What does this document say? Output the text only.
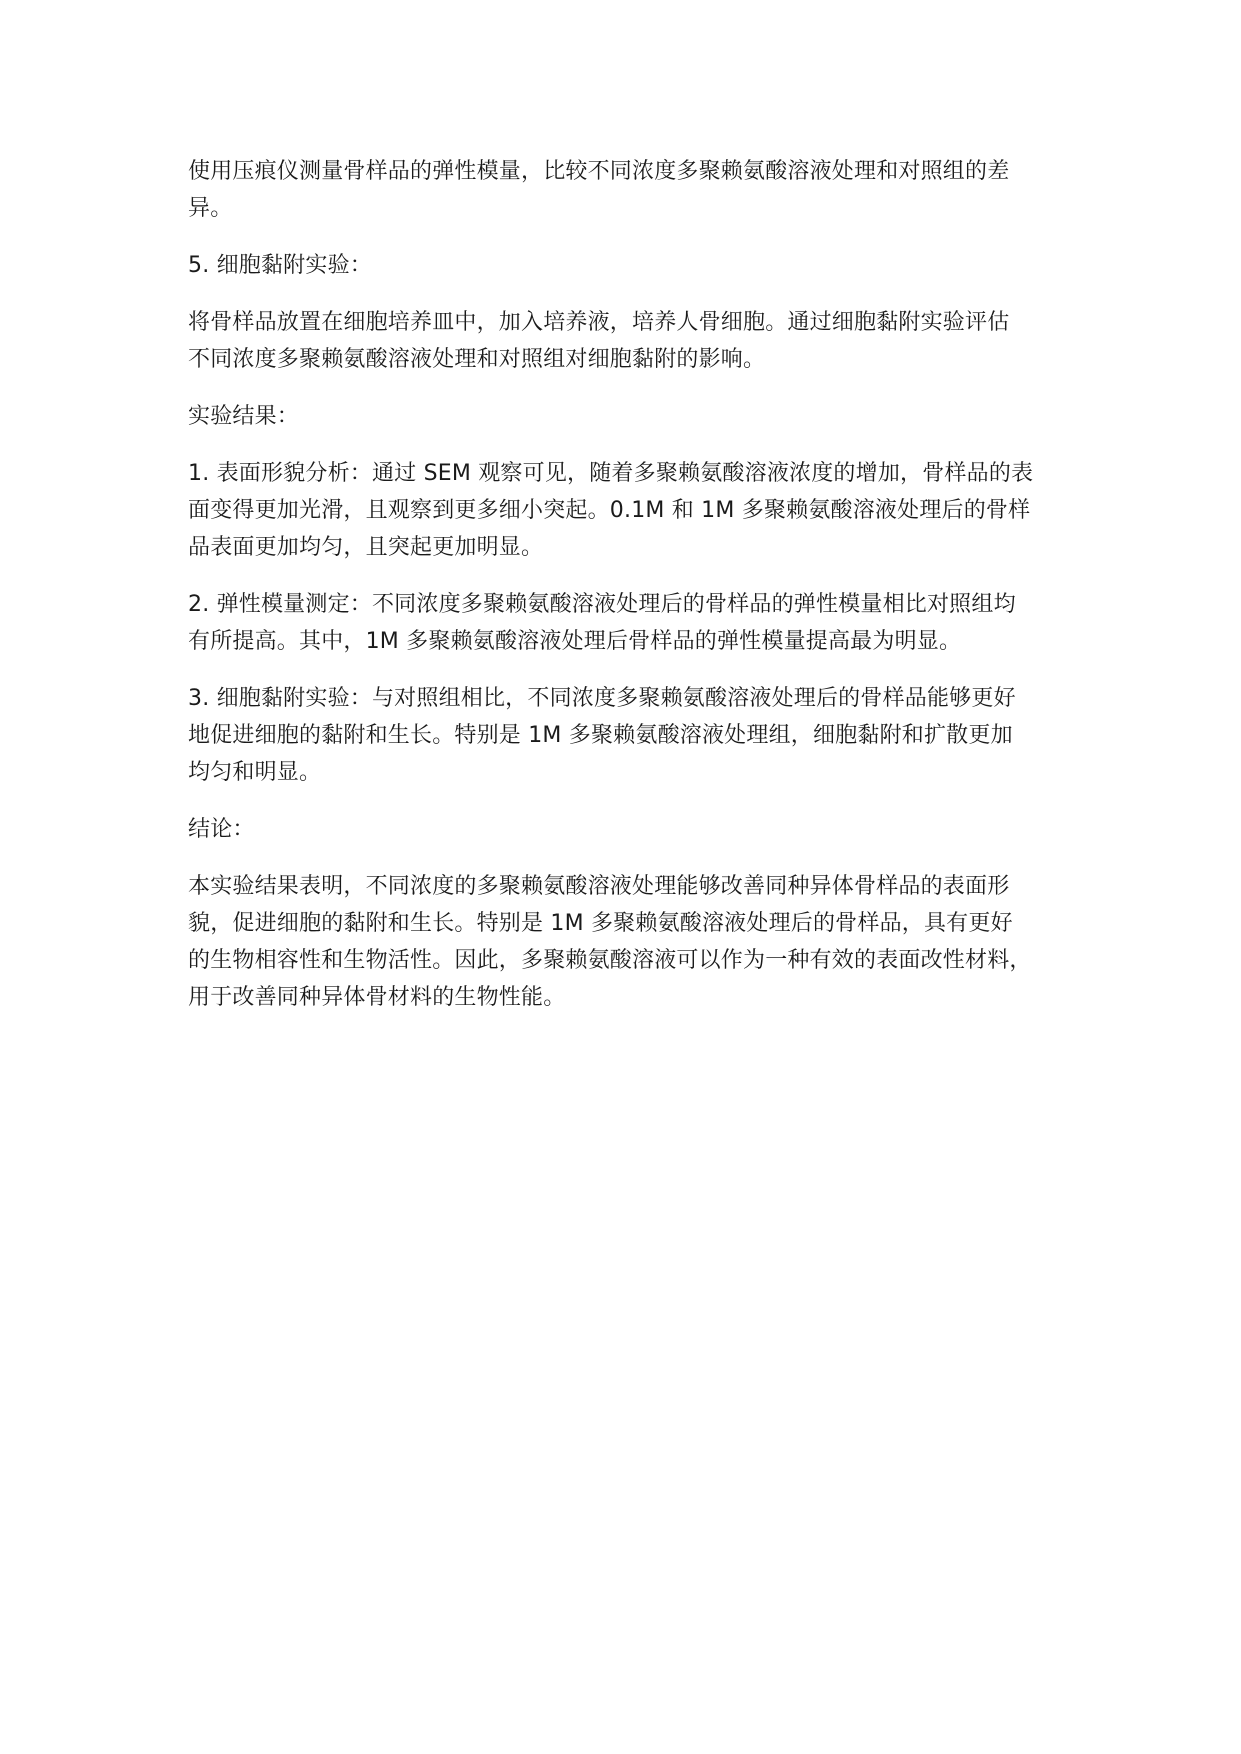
使用压痕仪测量骨样品的弹性模量，比较不同浓度多聚赖氨酸溶液处理和对照组的差
异。

5. 细胞黏附实验：

将骨样品放置在细胞培养皿中，加入培养液，培养人骨细胞。通过细胞黏附实验评估
不同浓度多聚赖氨酸溶液处理和对照组对细胞黏附的影响。

实验结果：

1. 表面形貌分析：通过 SEM 观察可见，随着多聚赖氨酸溶液浓度的增加，骨样品的表
面变得更加光滑，且观察到更多细小突起。0.1M 和 1M 多聚赖氨酸溶液处理后的骨样
品表面更加均匀，且突起更加明显。

2. 弹性模量测定：不同浓度多聚赖氨酸溶液处理后的骨样品的弹性模量相比对照组均
有所提高。其中，1M 多聚赖氨酸溶液处理后骨样品的弹性模量提高最为明显。

3. 细胞黏附实验：与对照组相比，不同浓度多聚赖氨酸溶液处理后的骨样品能够更好
地促进细胞的黏附和生长。特别是 1M 多聚赖氨酸溶液处理组，细胞黏附和扩散更加
均匀和明显。

结论：

本实验结果表明，不同浓度的多聚赖氨酸溶液处理能够改善同种异体骨样品的表面形
貌，促进细胞的黏附和生长。特别是 1M 多聚赖氨酸溶液处理后的骨样品，具有更好
的生物相容性和生物活性。因此，多聚赖氨酸溶液可以作为一种有效的表面改性材料，
用于改善同种异体骨材料的生物性能。
